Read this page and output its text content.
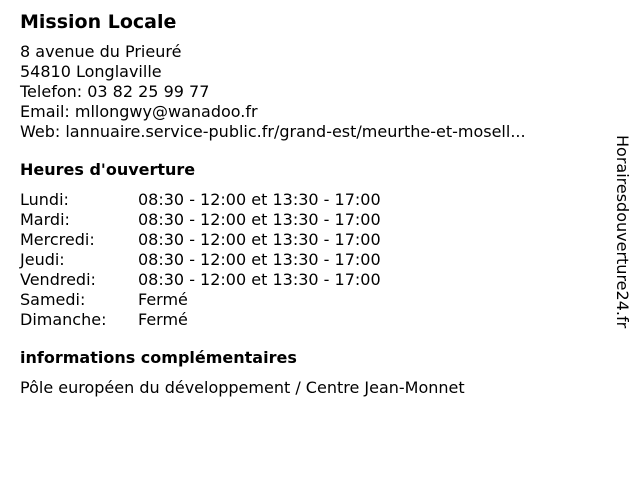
Mission Locale
8 avenue du Prieuré
54810 Longlaville
Telefon: 03 82 25 99 77
Email: mllongwy@wanadoo.fr
Web: lannuaire.service-public.fr/grand-est/meurthe-et-mosell...
Heures d'ouverture
Lundi:	08:30 - 12:00 et 13:30 - 17:00
Mardi:	08:30 - 12:00 et 13:30 - 17:00
Mercredi:	08:30 - 12:00 et 13:30 - 17:00
Jeudi:	08:30 - 12:00 et 13:30 - 17:00
Vendredi:	08:30 - 12:00 et 13:30 - 17:00
Samedi:	Fermé
Dimanche:	Fermé
informations complémentaires
Pôle européen du développement / Centre Jean-Monnet
Horairesdouverture24.fr
